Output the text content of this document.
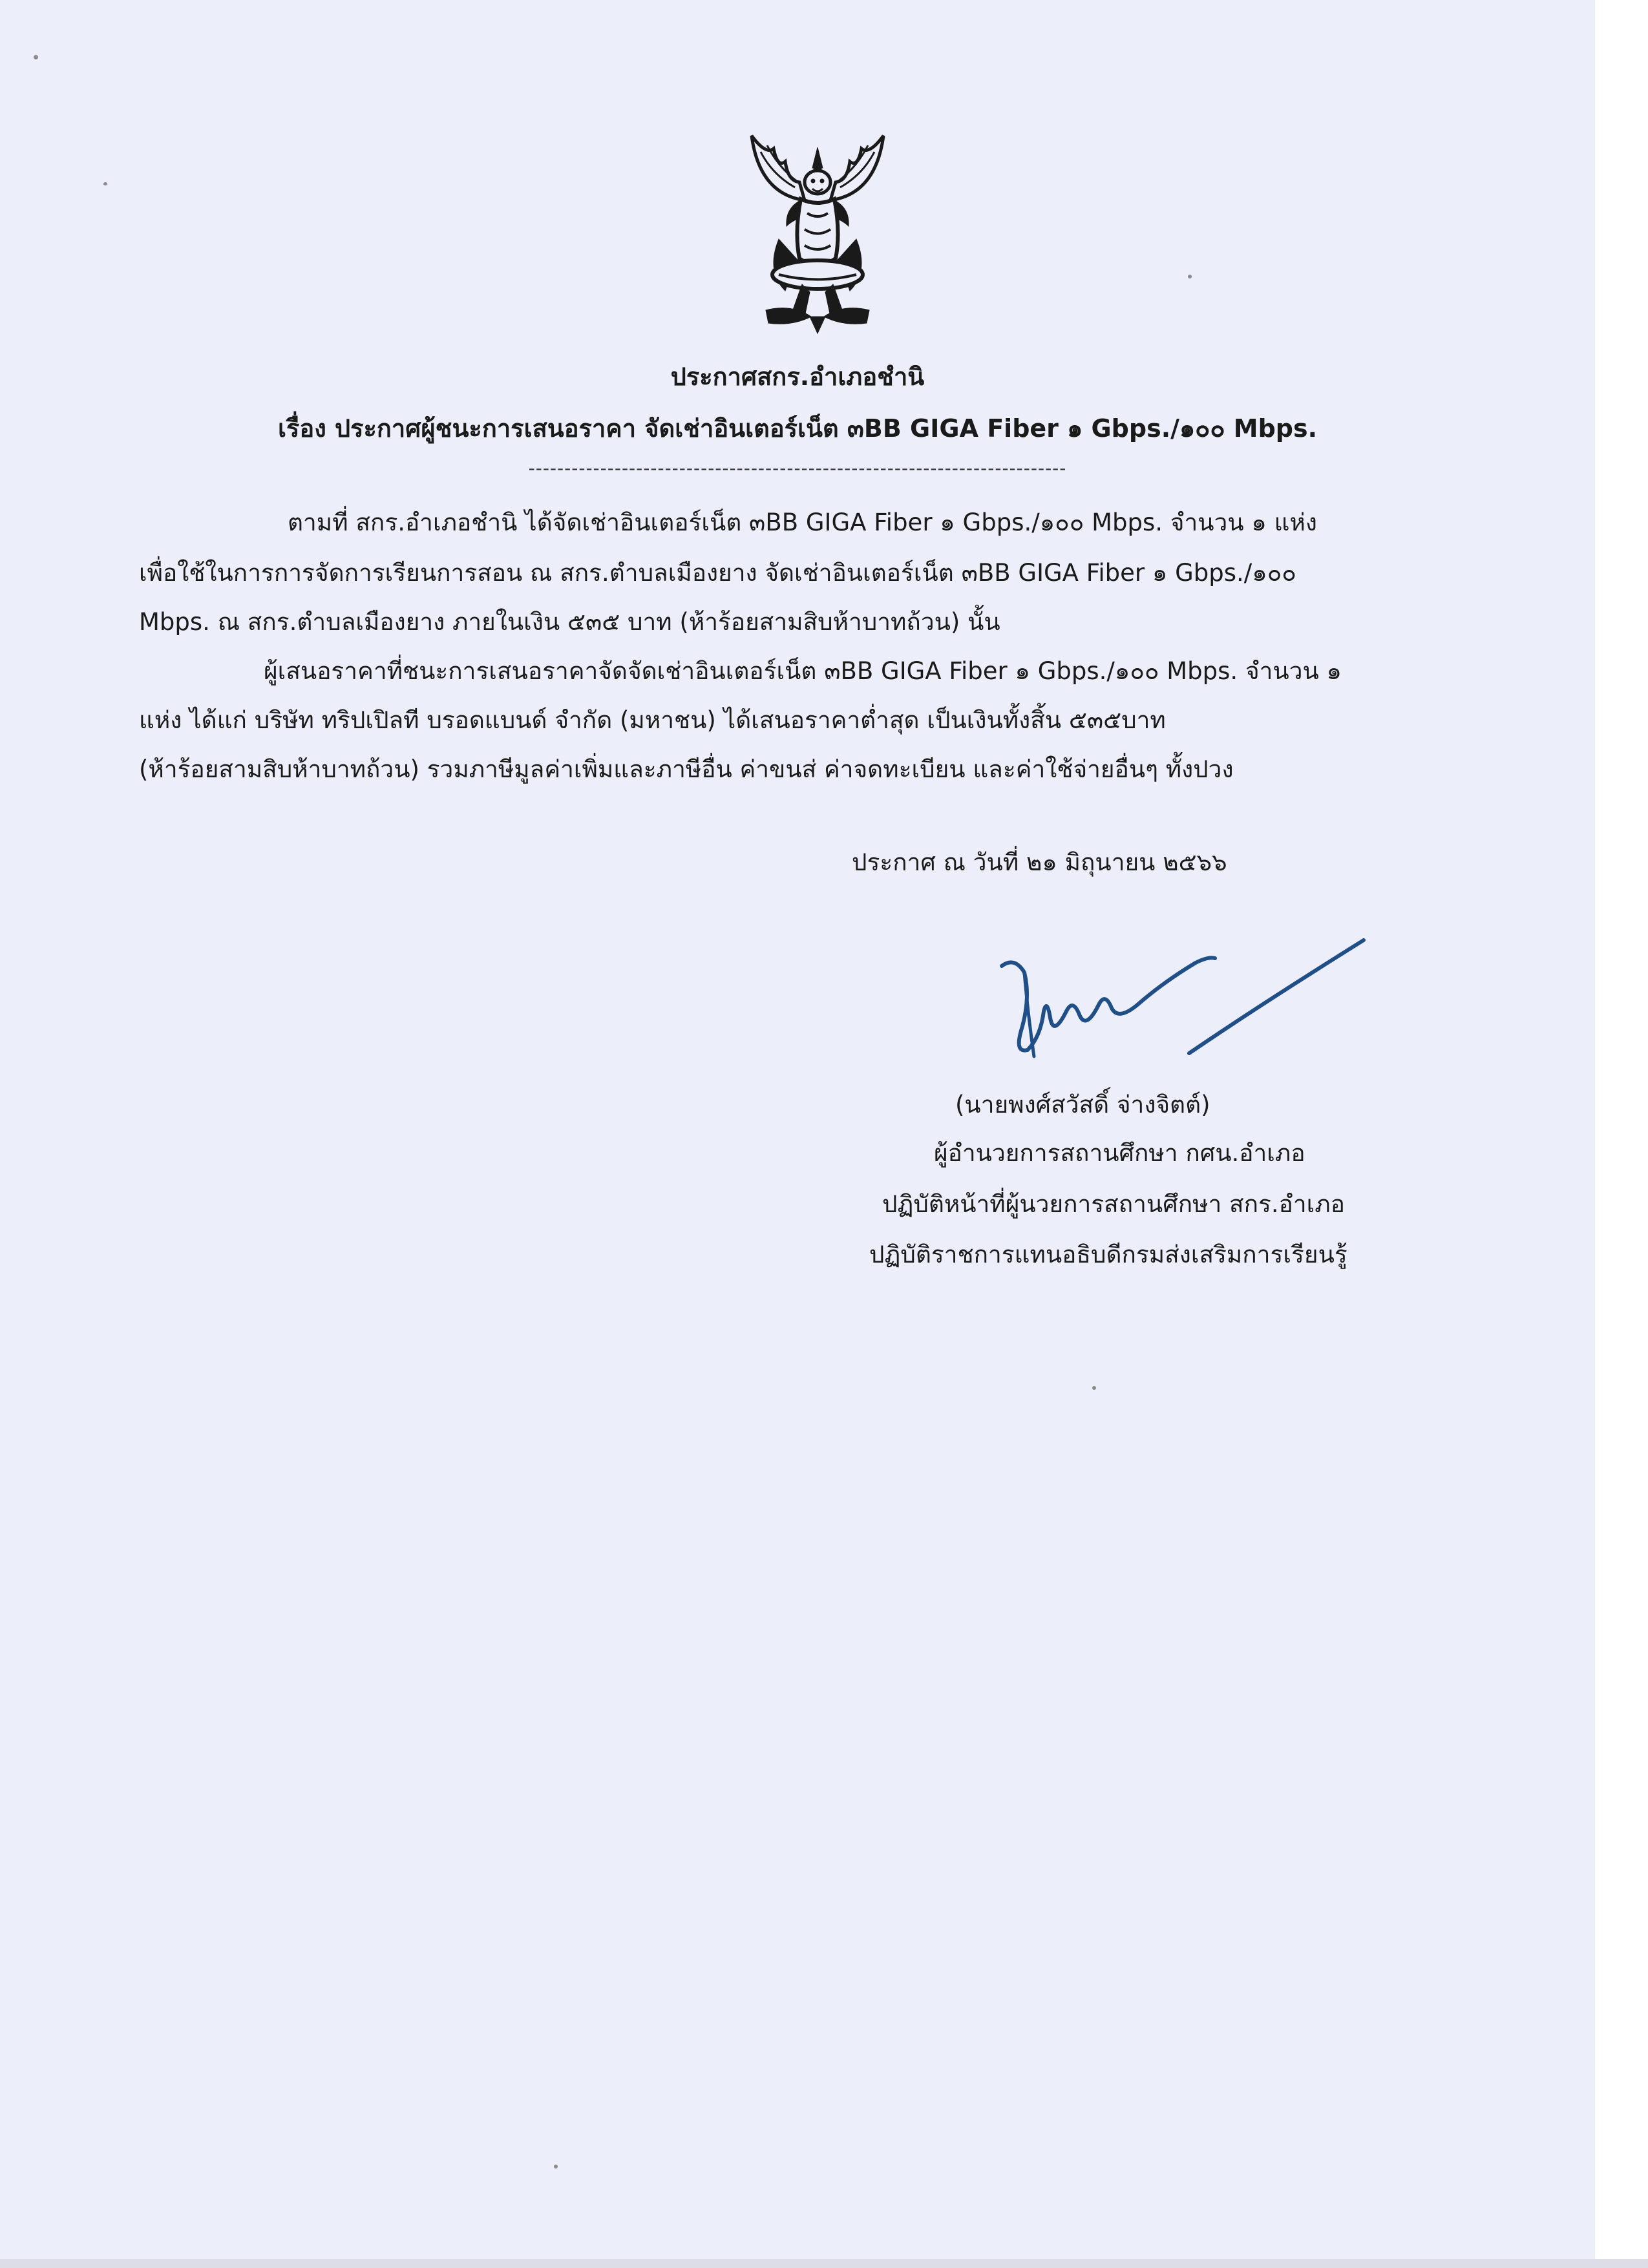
ประกาศสกร.อำเภอชำนิ
เรื่อง ประกาศผู้ชนะการเสนอราคา จัดเช่าอินเตอร์เน็ต ๓BB GIGA Fiber ๑ Gbps./๑๐๐ Mbps.
---------------------------------------------------------------------------
ตามที่ สกร.อำเภอชำนิ ได้จัดเช่าอินเตอร์เน็ต ๓BB GIGA Fiber ๑ Gbps./๑๐๐ Mbps. จำนวน ๑ แห่ง
เพื่อใช้ในการการจัดการเรียนการสอน ณ สกร.ตำบลเมืองยาง จัดเช่าอินเตอร์เน็ต ๓BB GIGA Fiber ๑ Gbps./๑๐๐
Mbps. ณ สกร.ตำบลเมืองยาง ภายในเงิน ๕๓๕ บาท (ห้าร้อยสามสิบห้าบาทถ้วน) นั้น
ผู้เสนอราคาที่ชนะการเสนอราคาจัดจัดเช่าอินเตอร์เน็ต ๓BB GIGA Fiber ๑ Gbps./๑๐๐ Mbps. จำนวน ๑
แห่ง ได้แก่ บริษัท ทริปเปิลที บรอดแบนด์ จำกัด (มหาชน) ได้เสนอราคาต่ำสุด เป็นเงินทั้งสิ้น ๕๓๕บาท
(ห้าร้อยสามสิบห้าบาทถ้วน) รวมภาษีมูลค่าเพิ่มและภาษีอื่น ค่าขนส่ ค่าจดทะเบียน และค่าใช้จ่ายอื่นๆ ทั้งปวง
ประกาศ ณ วันที่ ๒๑ มิถุนายน ๒๕๖๖
(นายพงศ์สวัสดิ์ จ่างจิตต์)
ผู้อำนวยการสถานศึกษา กศน.อำเภอ
ปฏิบัติหน้าที่ผู้นวยการสถานศึกษา สกร.อำเภอ
ปฏิบัติราชการแทนอธิบดีกรมส่งเสริมการเรียนรู้
